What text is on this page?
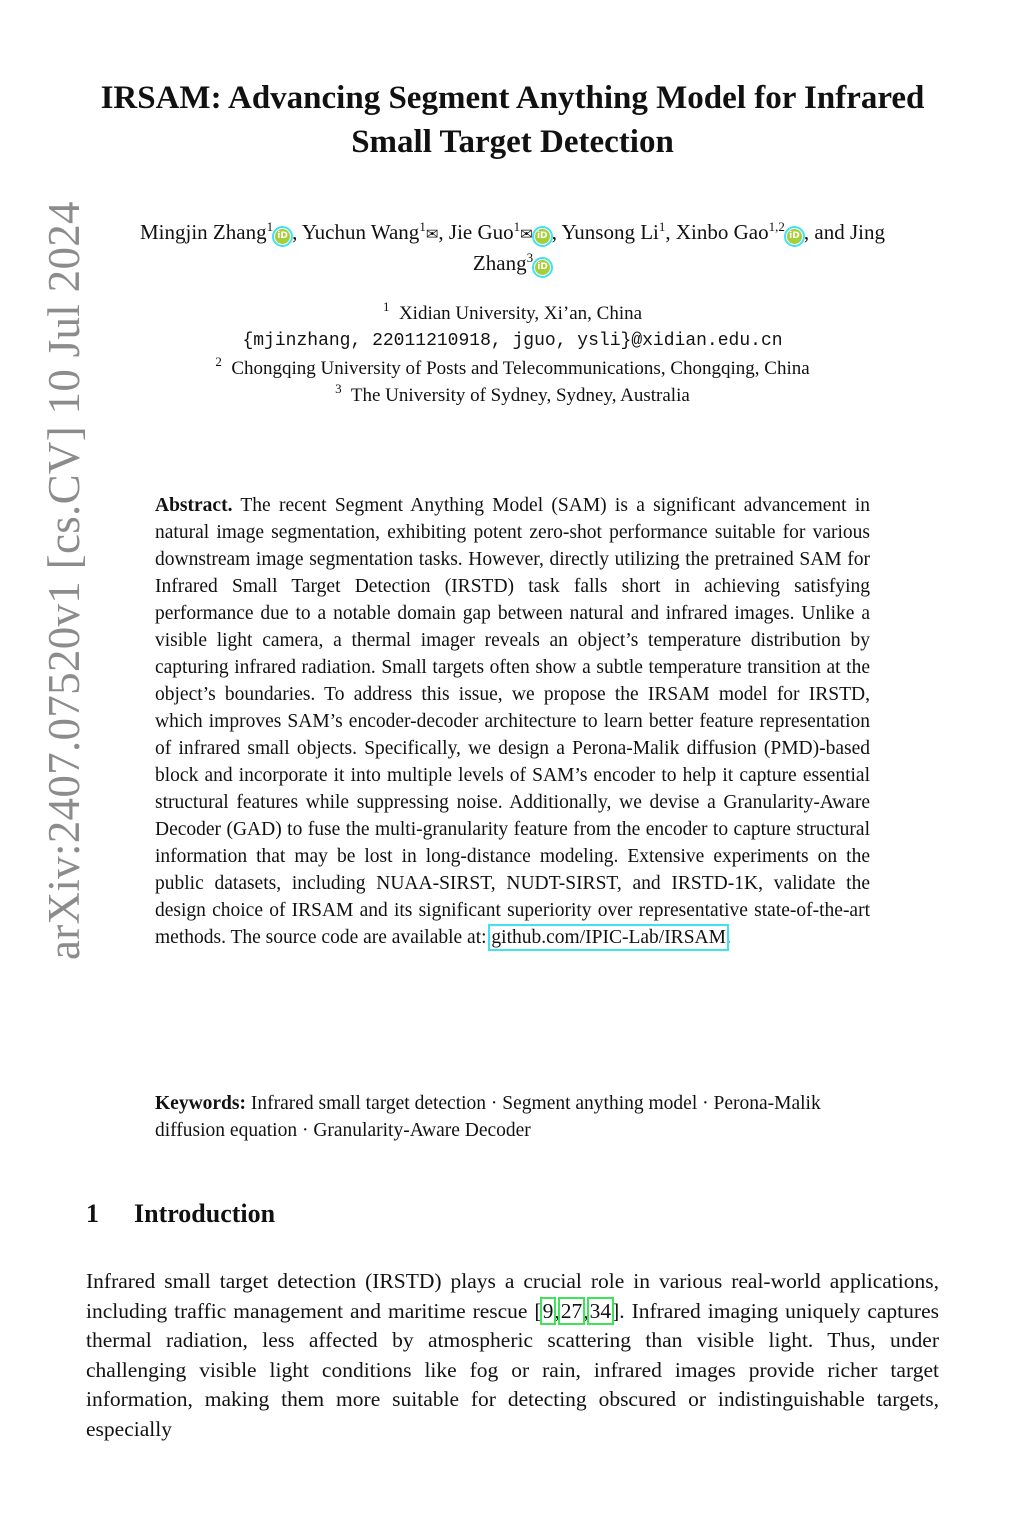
arXiv:2407.07520v1 [cs.CV] 10 Jul 2024
IRSAM: Advancing Segment Anything Model for Infrared Small Target Detection
Mingjin Zhang$^1$iD , Yuchun Wang$^1$✉, Jie Guo$^1$✉ iD , Yunsong Li$^1$, Xinbo Gao$^{1,2}$iD , and Jing Zhang$^3$iD
$^1$ Xidian University, Xi’an, China
{mjinzhang, 22011210918, jguo, ysli}@xidian.edu.cn
$^2$ Chongqing University of Posts and Telecommunications, Chongqing, China
$^3$ The University of Sydney, Sydney, Australia
Abstract. The recent Segment Anything Model (SAM) is a significant advancement in natural image segmentation, exhibiting potent zero-shot performance suitable for various downstream image segmentation tasks. However, directly utilizing the pretrained SAM for Infrared Small Target Detection (IRSTD) task falls short in achieving satisfying performance due to a notable domain gap between natural and infrared images. Unlike a visible light camera, a thermal imager reveals an object’s temperature distribution by capturing infrared radiation. Small targets often show a subtle temperature transition at the object’s boundaries. To address this issue, we propose the IRSAM model for IRSTD, which improves SAM’s encoder-decoder architecture to learn better feature representation of infrared small objects. Specifically, we design a Perona-Malik diffusion (PMD)-based block and incorporate it into multiple levels of SAM’s encoder to help it capture essential structural features while suppressing noise. Additionally, we devise a Granularity-Aware Decoder (GAD) to fuse the multi-granularity feature from the encoder to capture structural information that may be lost in long-distance modeling. Extensive experiments on the public datasets, including NUAA-SIRST, NUDT-SIRST, and IRSTD-1K, validate the design choice of IRSAM and its significant superiority over representative state-of-the-art methods. The source code are available at: github.com/IPIC-Lab/IRSAM.
Keywords: Infrared small target detection · Segment anything model · Perona-Malik diffusion equation · Granularity-Aware Decoder
1 Introduction
Infrared small target detection (IRSTD) plays a crucial role in various real-world applications, including traffic management and maritime rescue [9,27,34]. Infrared imaging uniquely captures thermal radiation, less affected by atmospheric scattering than visible light. Thus, under challenging visible light conditions like fog or rain, infrared images provide richer target information, making them more suitable for detecting obscured or indistinguishable targets, especially
